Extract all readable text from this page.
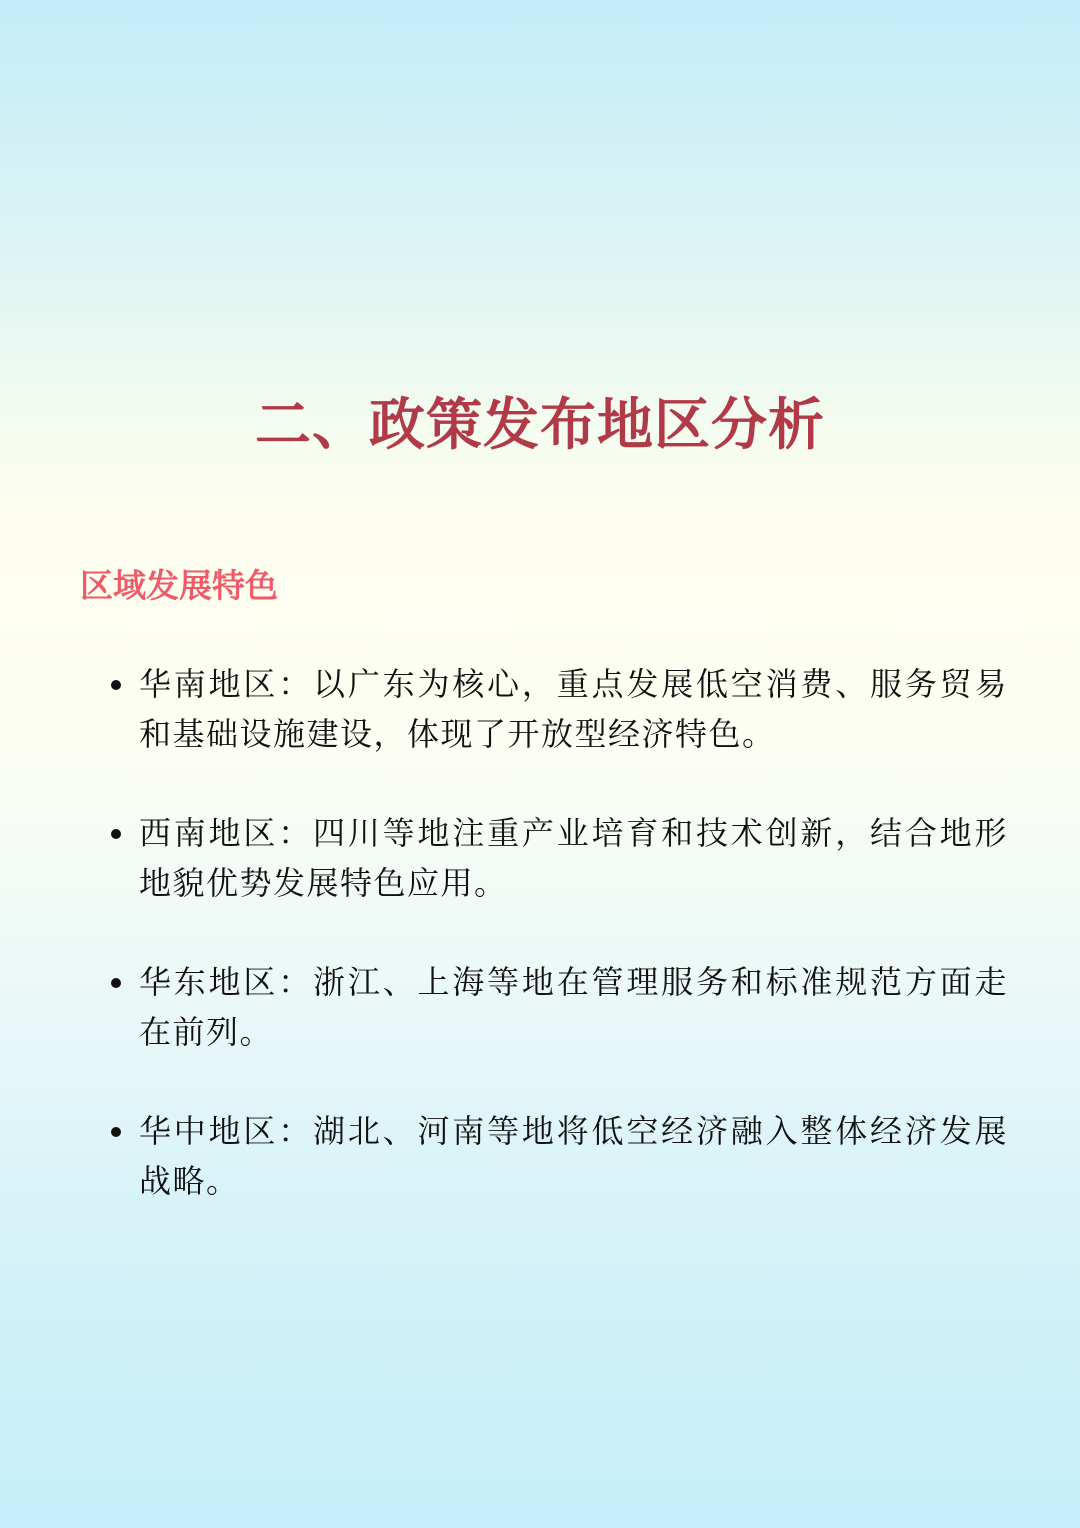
二、政策发布地区分析
区域发展特色
华南地区：以广东为核心，重点发展低空消费、服务贸易和基础设施建设，体现了开放型经济特色。
西南地区：四川等地注重产业培育和技术创新，结合地形地貌优势发展特色应用。
华东地区：浙江、上海等地在管理服务和标准规范方面走在前列。
华中地区：湖北、河南等地将低空经济融入整体经济发展战略。
